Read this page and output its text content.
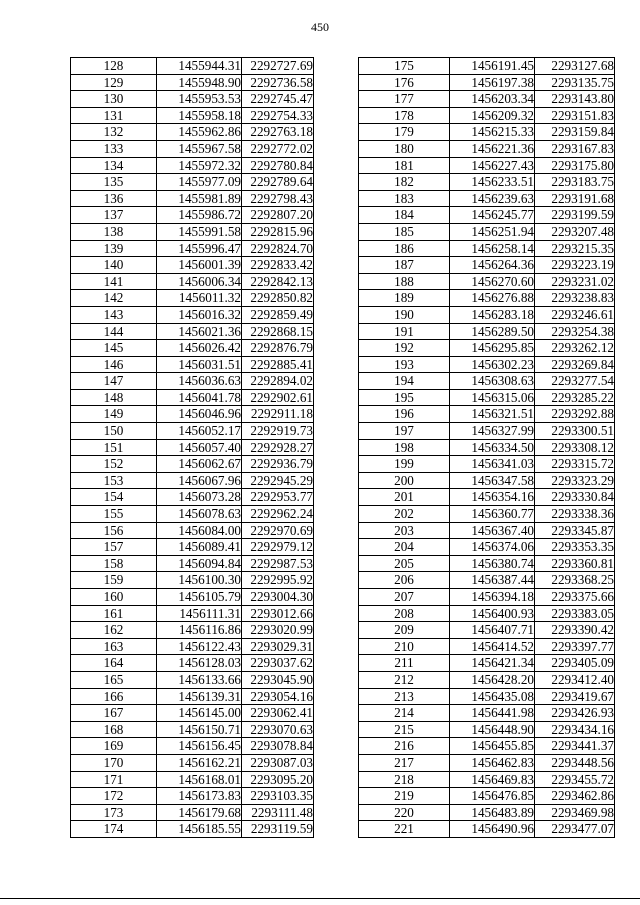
450
128	1455944.31	2292727.69
129	1455948.90	2292736.58
130	1455953.53	2292745.47
131	1455958.18	2292754.33
132	1455962.86	2292763.18
133	1455967.58	2292772.02
134	1455972.32	2292780.84
135	1455977.09	2292789.64
136	1455981.89	2292798.43
137	1455986.72	2292807.20
138	1455991.58	2292815.96
139	1455996.47	2292824.70
140	1456001.39	2292833.42
141	1456006.34	2292842.13
142	1456011.32	2292850.82
143	1456016.32	2292859.49
144	1456021.36	2292868.15
145	1456026.42	2292876.79
146	1456031.51	2292885.41
147	1456036.63	2292894.02
148	1456041.78	2292902.61
149	1456046.96	2292911.18
150	1456052.17	2292919.73
151	1456057.40	2292928.27
152	1456062.67	2292936.79
153	1456067.96	2292945.29
154	1456073.28	2292953.77
155	1456078.63	2292962.24
156	1456084.00	2292970.69
157	1456089.41	2292979.12
158	1456094.84	2292987.53
159	1456100.30	2292995.92
160	1456105.79	2293004.30
161	1456111.31	2293012.66
162	1456116.86	2293020.99
163	1456122.43	2293029.31
164	1456128.03	2293037.62
165	1456133.66	2293045.90
166	1456139.31	2293054.16
167	1456145.00	2293062.41
168	1456150.71	2293070.63
169	1456156.45	2293078.84
170	1456162.21	2293087.03
171	1456168.01	2293095.20
172	1456173.83	2293103.35
173	1456179.68	2293111.48
174	1456185.55	2293119.59
175	1456191.45	2293127.68
176	1456197.38	2293135.75
177	1456203.34	2293143.80
178	1456209.32	2293151.83
179	1456215.33	2293159.84
180	1456221.36	2293167.83
181	1456227.43	2293175.80
182	1456233.51	2293183.75
183	1456239.63	2293191.68
184	1456245.77	2293199.59
185	1456251.94	2293207.48
186	1456258.14	2293215.35
187	1456264.36	2293223.19
188	1456270.60	2293231.02
189	1456276.88	2293238.83
190	1456283.18	2293246.61
191	1456289.50	2293254.38
192	1456295.85	2293262.12
193	1456302.23	2293269.84
194	1456308.63	2293277.54
195	1456315.06	2293285.22
196	1456321.51	2293292.88
197	1456327.99	2293300.51
198	1456334.50	2293308.12
199	1456341.03	2293315.72
200	1456347.58	2293323.29
201	1456354.16	2293330.84
202	1456360.77	2293338.36
203	1456367.40	2293345.87
204	1456374.06	2293353.35
205	1456380.74	2293360.81
206	1456387.44	2293368.25
207	1456394.18	2293375.66
208	1456400.93	2293383.05
209	1456407.71	2293390.42
210	1456414.52	2293397.77
211	1456421.34	2293405.09
212	1456428.20	2293412.40
213	1456435.08	2293419.67
214	1456441.98	2293426.93
215	1456448.90	2293434.16
216	1456455.85	2293441.37
217	1456462.83	2293448.56
218	1456469.83	2293455.72
219	1456476.85	2293462.86
220	1456483.89	2293469.98
221	1456490.96	2293477.07
